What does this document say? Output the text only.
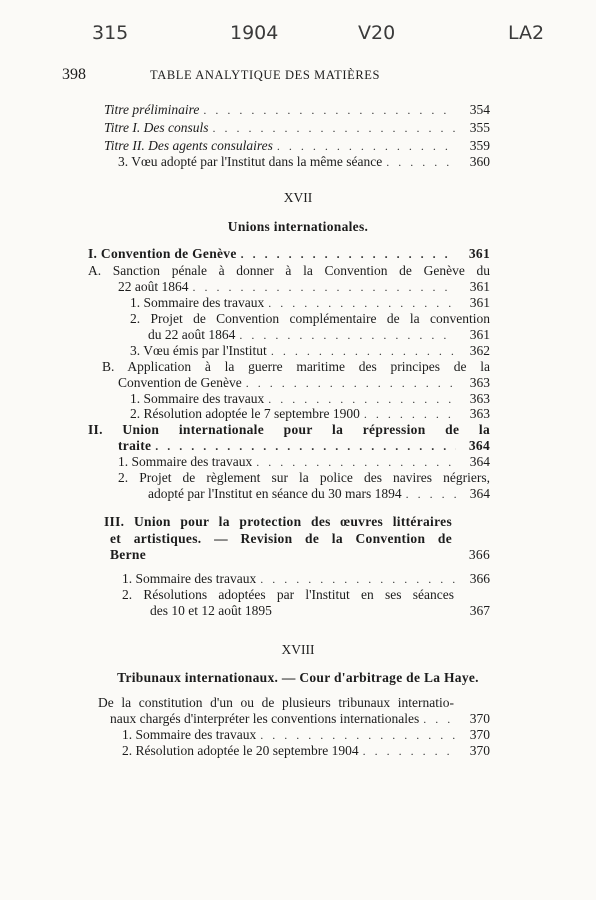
315	1904	V20	LA2
398	TABLE ANALYTIQUE DES MATIÈRES
Titre préliminaire . . .	354
Titre I. Des consuls . . .	355
Titre II. Des agents consulaires . . .	359
3. Vœu adopté par l'Institut dans la même séance . . .	360
XVII
Unions internationales.
I. Convention de Genève . . .	361
A. Sanction pénale à donner à la Convention de Genève du
22 août 1864 . . .	361
1. Sommaire des travaux . . .	361
2. Projet de Convention complémentaire de la convention
du 22 août 1864 . . .	361
3. Vœu émis par l'Institut . . .	362
B. Application à la guerre maritime des principes de la
Convention de Genève . . .	363
1. Sommaire des travaux . . .	363
2. Résolution adoptée le 7 septembre 1900 . . .	363
II. Union internationale pour la répression de la
traite . . .	364
1. Sommaire des travaux . . .	364
2. Projet de règlement sur la police des navires négriers,
adopté par l'Institut en séance du 30 mars 1894 . . .	364
III. Union pour la protection des œuvres littéraires
et artistiques. — Revision de la Convention de
Berne	366
1. Sommaire des travaux . . .	366
2. Résolutions adoptées par l'Institut en ses séances
des 10 et 12 août 1895	367
XVIII
Tribunaux internationaux. — Cour d'arbitrage de La Haye.
De la constitution d'un ou de plusieurs tribunaux internatio-
naux chargés d'interpréter les conventions internationales . . .	370
1. Sommaire des travaux . . .	370
2. Résolution adoptée le 20 septembre 1904 . . .	370
